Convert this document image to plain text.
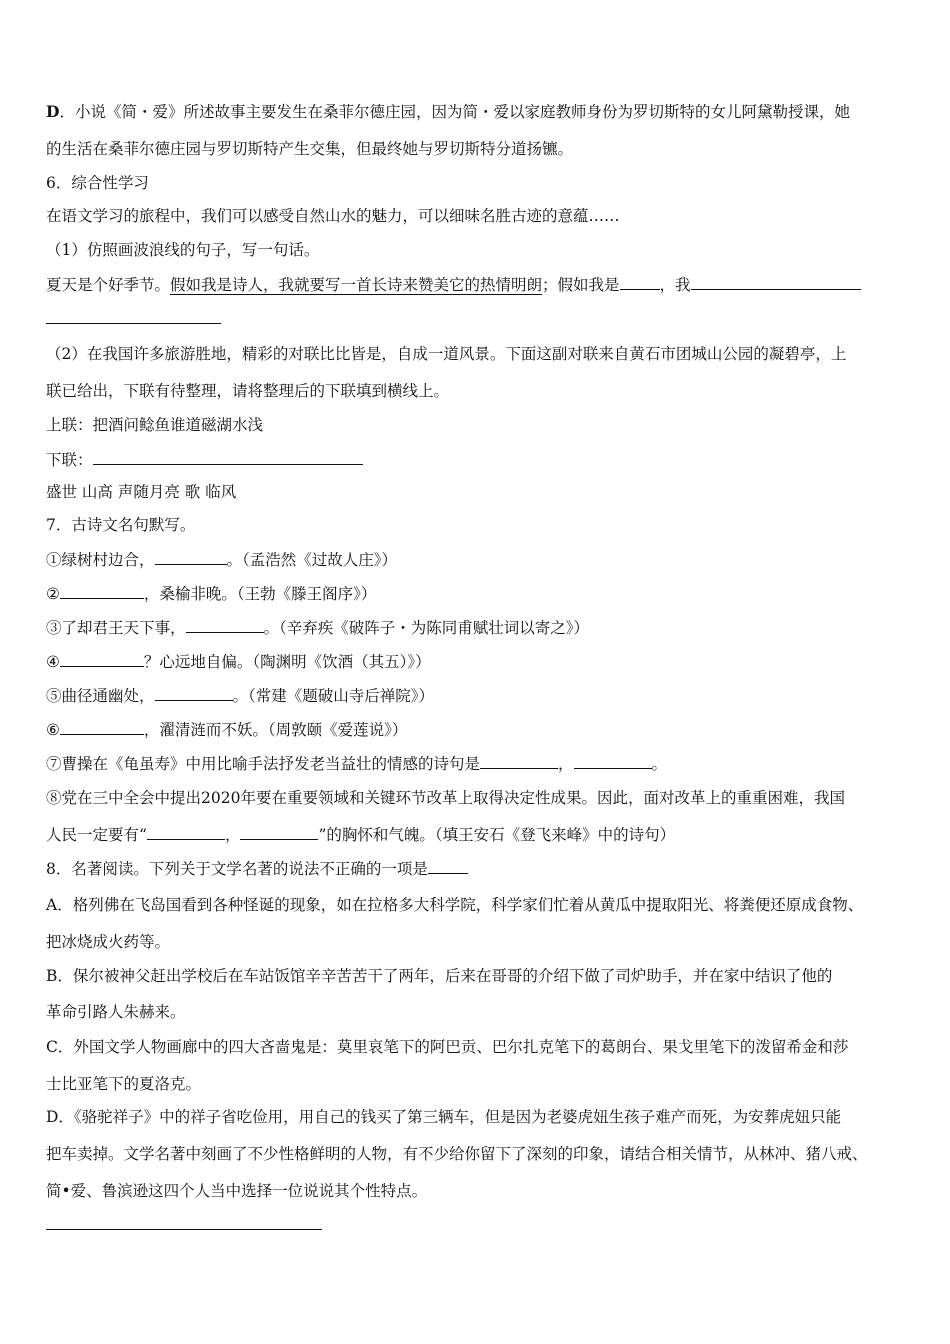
D．小说《简・爱》所述故事主要发生在桑菲尔德庄园，因为简・爱以家庭教师身份为罗切斯特的女儿阿黛勒授课，她
的生活在桑菲尔德庄园与罗切斯特产生交集，但最终她与罗切斯特分道扬镳。
6．综合性学习
在语文学习的旅程中，我们可以感受自然山水的魅力，可以细味名胜古迹的意蕴……
（1）仿照画波浪线的句子，写一句话。
夏天是个好季节。假如我是诗人，我就要写一首长诗来赞美它的热情明朗；假如我是	，我
（2）在我国许多旅游胜地，精彩的对联比比皆是，自成一道风景。下面这副对联来自黄石市团城山公园的凝碧亭，上
联已给出，下联有待整理，请将整理后的下联填到横线上。
上联：把酒问鲶鱼谁道磁湖水浅
下联：
盛世 山高 声随月亮 歌 临风
7．古诗文名句默写。
①绿树村边合，	。（孟浩然《过故人庄》）
②	，桑榆非晚。（王勃《滕王阁序》）
③了却君王天下事，	。（辛弃疾《破阵子・为陈同甫赋壮词以寄之》）
④	？心远地自偏。（陶渊明《饮酒（其五）》）
⑤曲径通幽处，	。（常建《题破山寺后禅院》）
⑥	，濯清涟而不妖。（周敦颐《爱莲说》）
⑦曹操在《龟虽寿》中用比喻手法抒发老当益壮的情感的诗句是	，	。
⑧党在三中全会中提出2020年要在重要领域和关键环节改革上取得决定性成果。因此，面对改革上的重重困难，我国
人民一定要有“	，	”的胸怀和气魄。（填王安石《登飞来峰》中的诗句）
8．名著阅读。下列关于文学名著的说法不正确的一项是
A．格列佛在飞岛国看到各种怪诞的现象，如在拉格多大科学院，科学家们忙着从黄瓜中提取阳光、将粪便还原成食物、
把冰烧成火药等。
B．保尔被神父赶出学校后在车站饭馆辛辛苦苦干了两年，后来在哥哥的介绍下做了司炉助手，并在家中结识了他的
革命引路人朱赫来。
C．外国文学人物画廊中的四大吝啬鬼是：莫里哀笔下的阿巴贡、巴尔扎克笔下的葛朗台、果戈里笔下的泼留希金和莎
士比亚笔下的夏洛克。
D．《骆驼祥子》中的祥子省吃俭用，用自己的钱买了第三辆车，但是因为老婆虎妞生孩子难产而死，为安葬虎妞只能
把车卖掉。文学名著中刻画了不少性格鲜明的人物，有不少给你留下了深刻的印象，请结合相关情节，从林冲、猪八戒、
简•爱、鲁滨逊这四个人当中选择一位说说其个性特点。
